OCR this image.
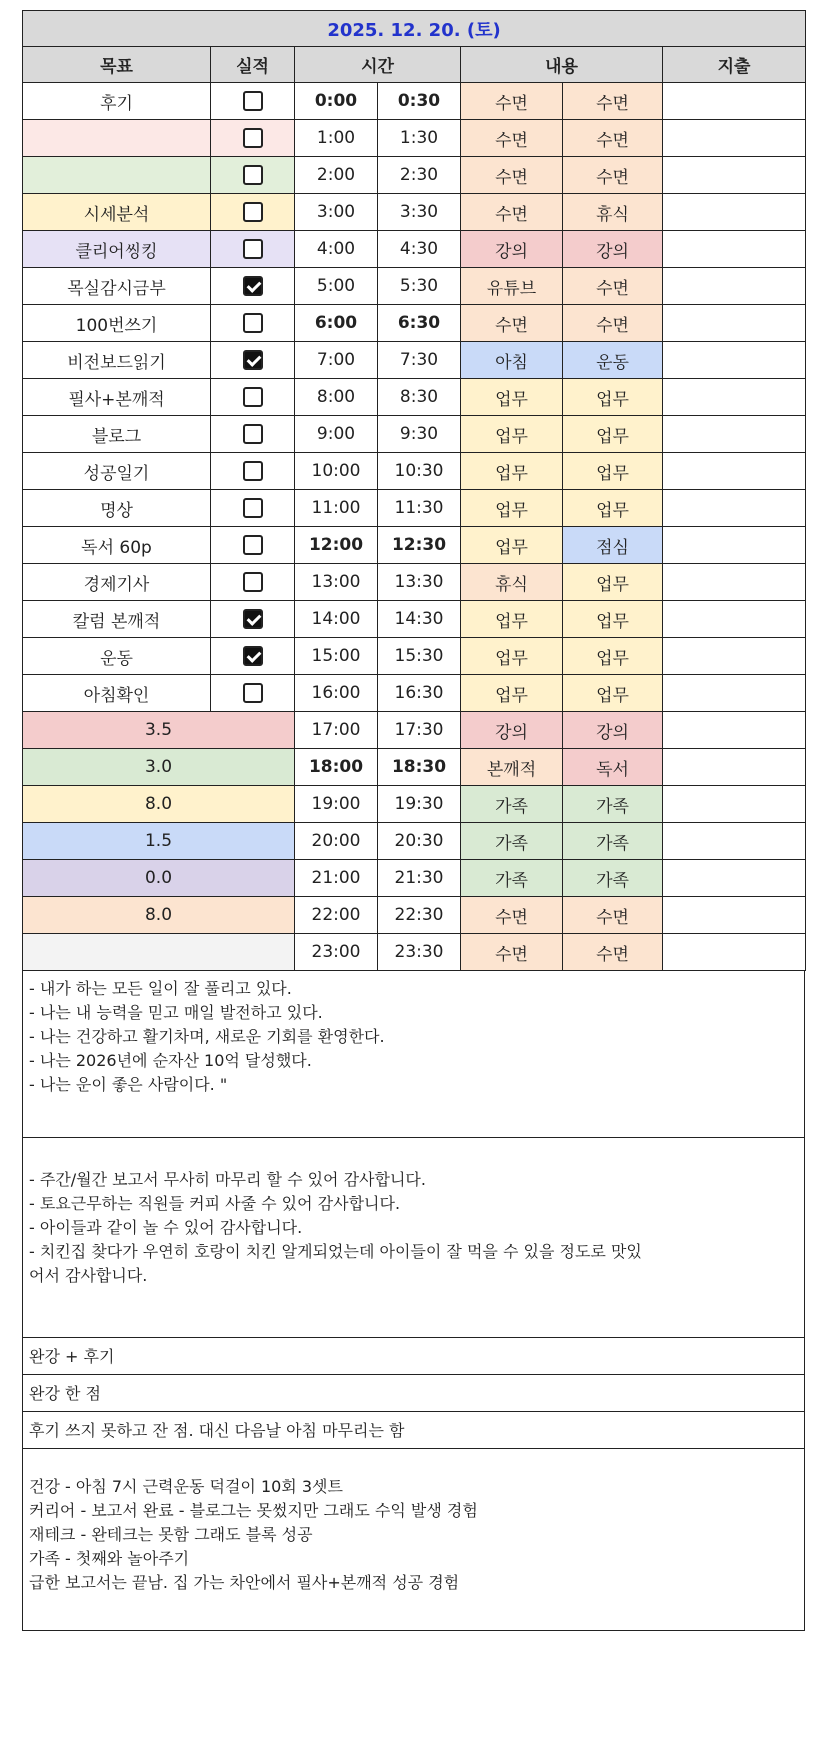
2025. 12. 20. (토)						
목표	실적	시간		내용		지출
후기		0:00	0:30	수면	수면	
		1:00	1:30	수면	수면	
		2:00	2:30	수면	수면	
시세분석		3:00	3:30	수면	휴식	
클리어씽킹		4:00	4:30	강의	강의	
목실감시금부		5:00	5:30	유튜브	수면	
100번쓰기		6:00	6:30	수면	수면	
비전보드읽기		7:00	7:30	아침	운동	
필사+본깨적		8:00	8:30	업무	업무	
블로그		9:00	9:30	업무	업무	
성공일기		10:00	10:30	업무	업무	
명상		11:00	11:30	업무	업무	
독서 60p		12:00	12:30	업무	점심	
경제기사		13:00	13:30	휴식	업무	
칼럼 본깨적		14:00	14:30	업무	업무	
운동		15:00	15:30	업무	업무	
아침확인		16:00	16:30	업무	업무	
3.5		17:00	17:30	강의	강의	
3.0		18:00	18:30	본깨적	독서	
8.0		19:00	19:30	가족	가족	
1.5		20:00	20:30	가족	가족	
0.0		21:00	21:30	가족	가족	
8.0		22:00	22:30	수면	수면	
		23:00	23:30	수면	수면	
- 내가 하는 모든 일이 잘 풀리고 있다.
- 나는 내 능력을 믿고 매일 발전하고 있다.
- 나는 건강하고 활기차며, 새로운 기회를 환영한다.
- 나는 2026년에 순자산 10억 달성했다.
- 나는 운이 좋은 사람이다. "

- 주간/월간 보고서 무사히 마무리 할 수 있어 감사합니다.
- 토요근무하는 직원들 커피 사줄 수 있어 감사합니다.
- 아이들과 같이 놀 수 있어 감사합니다.
- 치킨집 찾다가 우연히 호랑이 치킨 알게되었는데 아이들이 잘 먹을 수 있을 정도로 맛있
어서 감사합니다.

완강 + 후기
완강 한 점
후기 쓰지 못하고 잔 점. 대신 다음날 아침 마무리는 함

건강 - 아침 7시 근력운동 덕걸이 10회 3셋트
커리어 - 보고서 완료 - 블로그는 못썼지만 그래도 수익 발생 경험
재테크 - 완테크는 못함 그래도 블록 성공
가족 - 첫째와 놀아주기
급한 보고서는 끝남. 집 가는 차안에서 필사+본깨적 성공 경험
